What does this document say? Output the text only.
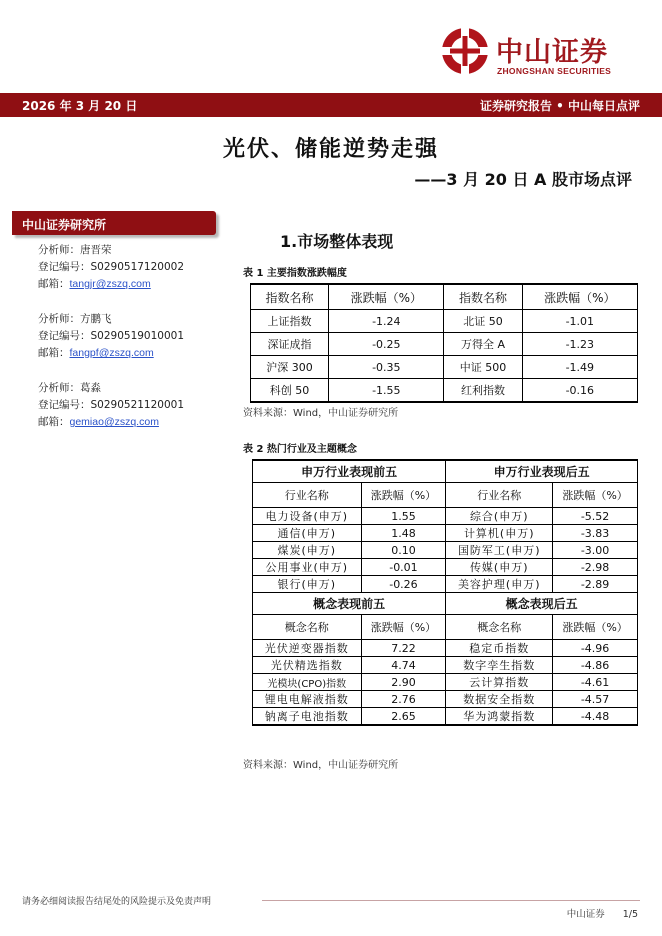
中山证券
ZHONGSHAN SECURITIES
2026 年 3 月 20 日	证券研究报告 • 中山每日点评
光伏、储能逆势走强
——3 月 20 日 A 股市场点评
中山证券研究所
分析师：唐晋荣
登记编号：S0290517120002
邮箱：tangjr@zszq.com
分析师：方鹏飞
登记编号：S0290519010001
邮箱：fangpf@zszq.com
分析师：葛淼
登记编号：S0290521120001
邮箱：gemiao@zszq.com
1.市场整体表现
表 1 主要指数涨跌幅度
指数名称	涨跌幅（%）	指数名称	涨跌幅（%）
上证指数	-1.24	北证 50	-1.01
深证成指	-0.25	万得全 A	-1.23
沪深 300	-0.35	中证 500	-1.49
科创 50	-1.55	红利指数	-0.16
资料来源：Wind，中山证券研究所
表 2 热门行业及主题概念
申万行业表现前五		申万行业表现后五	
行业名称	涨跌幅（%）	行业名称	涨跌幅（%）
电力设备(申万)	1.55	综合(申万)	-5.52
通信(申万)	1.48	计算机(申万)	-3.83
煤炭(申万)	0.10	国防军工(申万)	-3.00
公用事业(申万)	-0.01	传媒(申万)	-2.98
银行(申万)	-0.26	美容护理(申万)	-2.89
概念表现前五		概念表现后五	
概念名称	涨跌幅（%）	概念名称	涨跌幅（%）
光伏逆变器指数	7.22	稳定币指数	-4.96
光伏精选指数	4.74	数字孪生指数	-4.86
光模块(CPO)指数	2.90	云计算指数	-4.61
锂电电解液指数	2.76	数据安全指数	-4.57
钠离子电池指数	2.65	华为鸿蒙指数	-4.48
资料来源：Wind，中山证券研究所
请务必细阅读报告结尾处的风险提示及免责声明
中山证券 1/5
